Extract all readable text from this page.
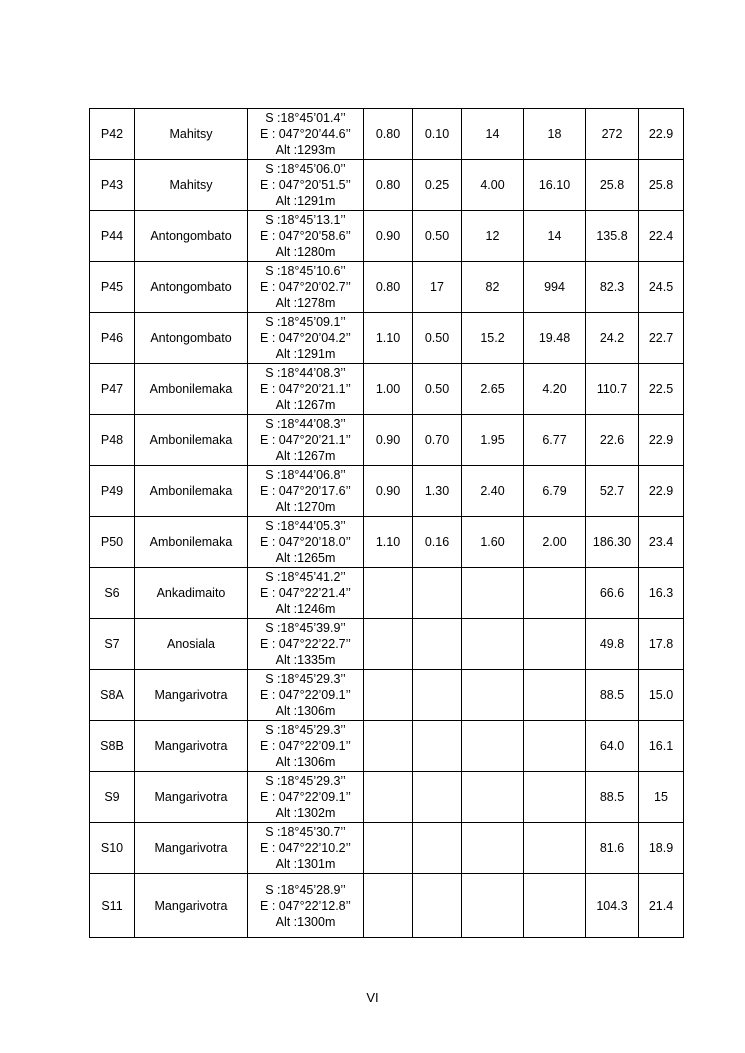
P42	Mahitsy	S :18°45’01.4’’
E : 047°20’44.6’’
Alt :1293m	0.80	0.10	14	18	272	22.9
P43	Mahitsy	S :18°45’06.0’’
E : 047°20’51.5’’
Alt :1291m	0.80	0.25	4.00	16.10	25.8	25.8
P44	Antongombato	S :18°45’13.1’’
E : 047°20’58.6’’
Alt :1280m	0.90	0.50	12	14	135.8	22.4
P45	Antongombato	S :18°45’10.6’’
E : 047°20’02.7’’
Alt :1278m	0.80	17	82	994	82.3	24.5
P46	Antongombato	S :18°45’09.1’’
E : 047°20’04.2’’
Alt :1291m	1.10	0.50	15.2	19.48	24.2	22.7
P47	Ambonilemaka	S :18°44’08.3’’
E : 047°20’21.1’’
Alt :1267m	1.00	0.50	2.65	4.20	110.7	22.5
P48	Ambonilemaka	S :18°44’08.3’’
E : 047°20’21.1’’
Alt :1267m	0.90	0.70	1.95	6.77	22.6	22.9
P49	Ambonilemaka	S :18°44’06.8’’
E : 047°20’17.6’’
Alt :1270m	0.90	1.30	2.40	6.79	52.7	22.9
P50	Ambonilemaka	S :18°44’05.3’’
E : 047°20’18.0’’
Alt :1265m	1.10	0.16	1.60	2.00	186.30	23.4
S6	Ankadimaito	S :18°45’41.2’’
E : 047°22’21.4’’
Alt :1246m					66.6	16.3
S7	Anosiala	S :18°45’39.9’’
E : 047°22’22.7’’
Alt :1335m					49.8	17.8
S8A	Mangarivotra	S :18°45’29.3’’
E : 047°22’09.1’’
Alt :1306m					88.5	15.0
S8B	Mangarivotra	S :18°45’29.3’’
E : 047°22’09.1’’
Alt :1306m					64.0	16.1
S9	Mangarivotra	S :18°45’29.3’’
E : 047°22’09.1’’
Alt :1302m					88.5	15
S10	Mangarivotra	S :18°45’30.7’’
E : 047°22’10.2’’
Alt :1301m					81.6	18.9
S11	Mangarivotra	S :18°45’28.9’’
E : 047°22’12.8’’
Alt :1300m					104.3	21.4
VI
